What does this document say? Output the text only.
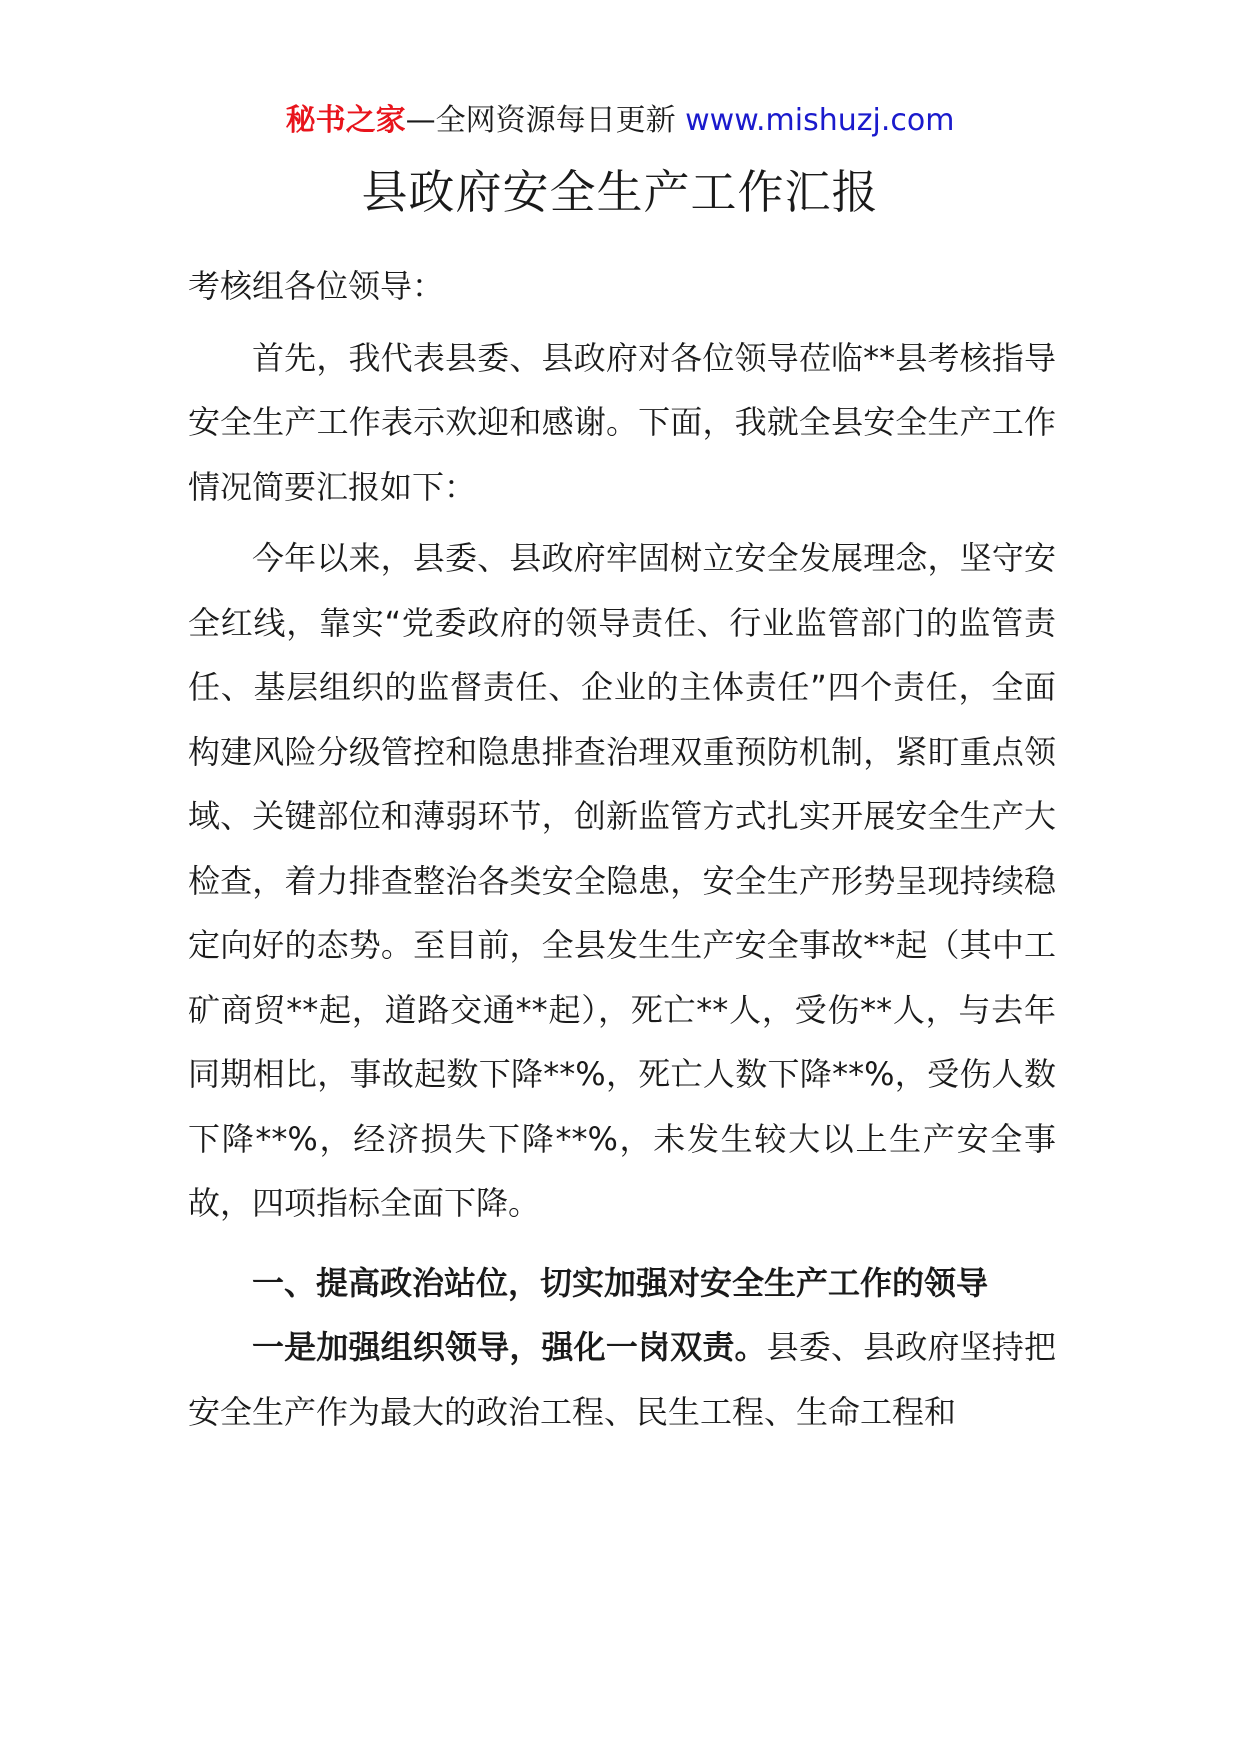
秘书之家—全网资源每日更新 www.mishuzj.com
县政府安全生产工作汇报

考核组各位领导：

首先，我代表县委、县政府对各位领导莅临**县考核指导安全生产工作表示欢迎和感谢。下面，我就全县安全生产工作情况简要汇报如下：

今年以来，县委、县政府牢固树立安全发展理念，坚守安全红线，靠实“党委政府的领导责任、行业监管部门的监管责任、基层组织的监督责任、企业的主体责任”四个责任，全面构建风险分级管控和隐患排查治理双重预防机制，紧盯重点领域、关键部位和薄弱环节，创新监管方式扎实开展安全生产大检查，着力排查整治各类安全隐患，安全生产形势呈现持续稳定向好的态势。至目前，全县发生生产安全事故**起（其中工矿商贸**起，道路交通**起），死亡**人，受伤**人，与去年同期相比，事故起数下降**%，死亡人数下降**%，受伤人数下降**%，经济损失下降**%，未发生较大以上生产安全事故，四项指标全面下降。

一、提高政治站位，切实加强对安全生产工作的领导

一是加强组织领导，强化一岗双责。县委、县政府坚持把安全生产作为最大的政治工程、民生工程、生命工程和
